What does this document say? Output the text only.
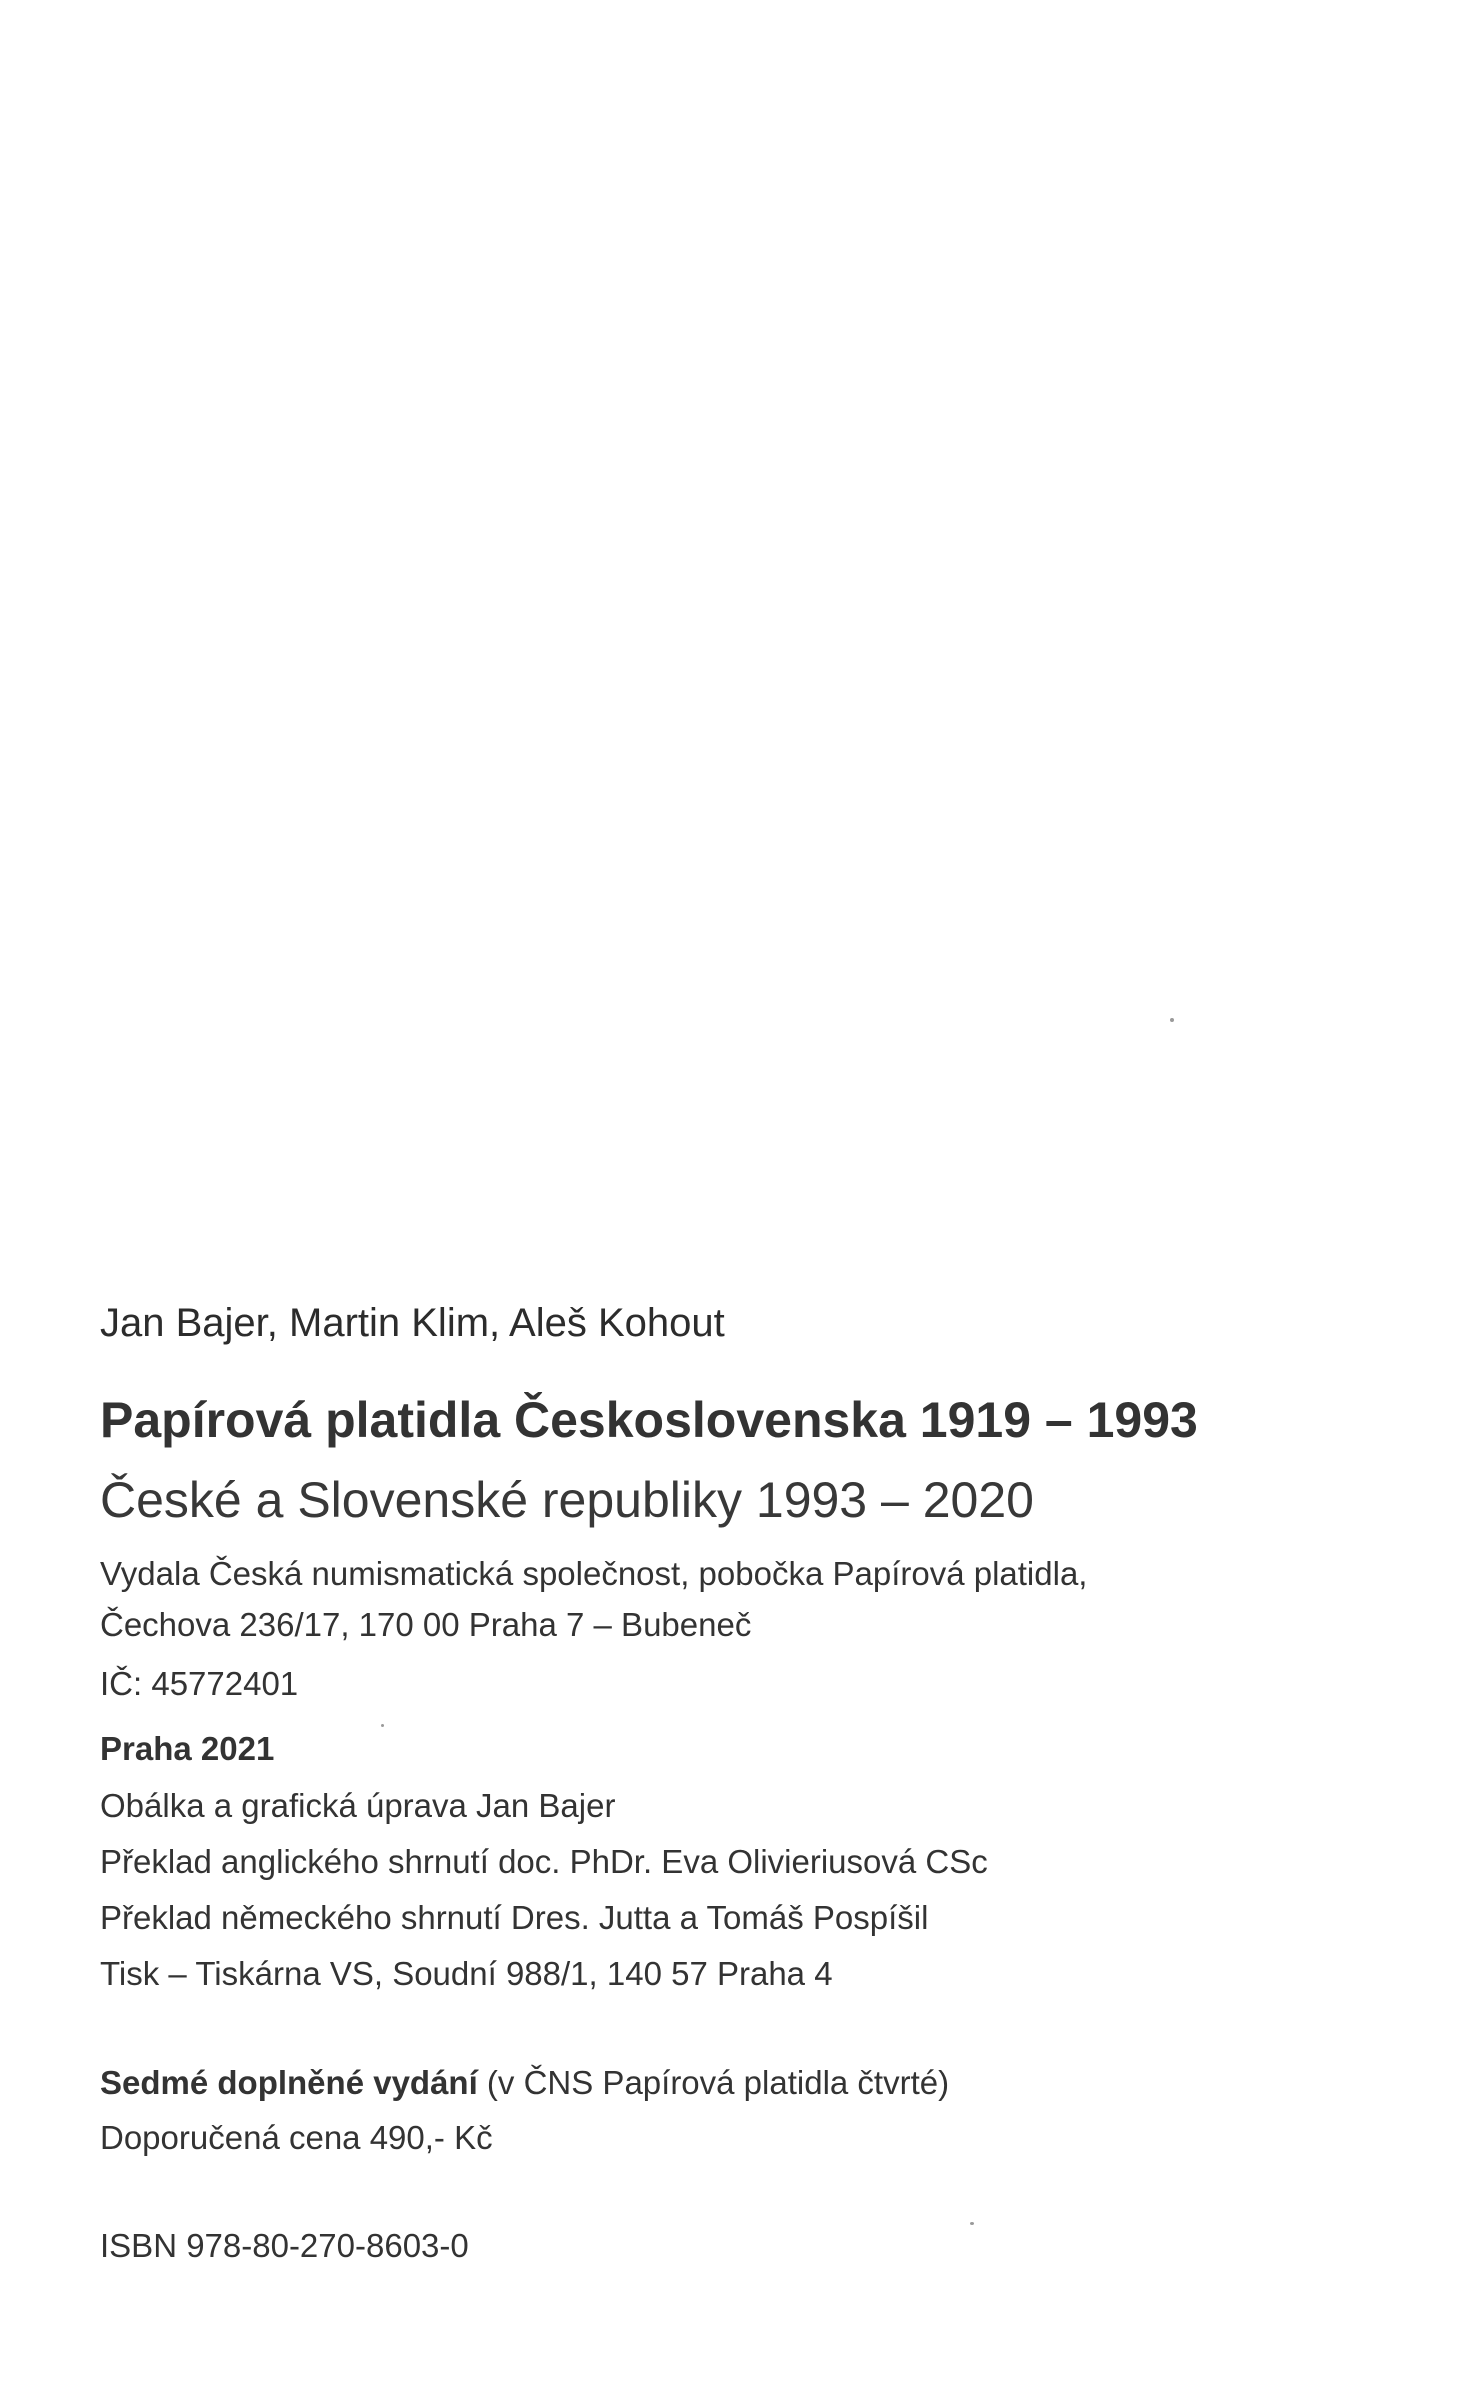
Jan Bajer, Martin Klim, Aleš Kohout

Papírová platidla Československa 1919 – 1993

České a Slovenské republiky 1993 – 2020

Vydala Česká numismatická společnost, pobočka Papírová platidla,

Čechova 236/17, 170 00 Praha 7 – Bubeneč

IČ: 45772401

Praha 2021

Obálka a grafická úprava Jan Bajer

Překlad anglického shrnutí doc. PhDr. Eva Olivieriusová CSc

Překlad německého shrnutí Dres. Jutta a Tomáš Pospíšil

Tisk – Tiskárna VS, Soudní 988/1, 140 57 Praha 4

Sedmé doplněné vydání (v ČNS Papírová platidla čtvrté)

Doporučená cena 490,- Kč

ISBN 978-80-270-8603-0
